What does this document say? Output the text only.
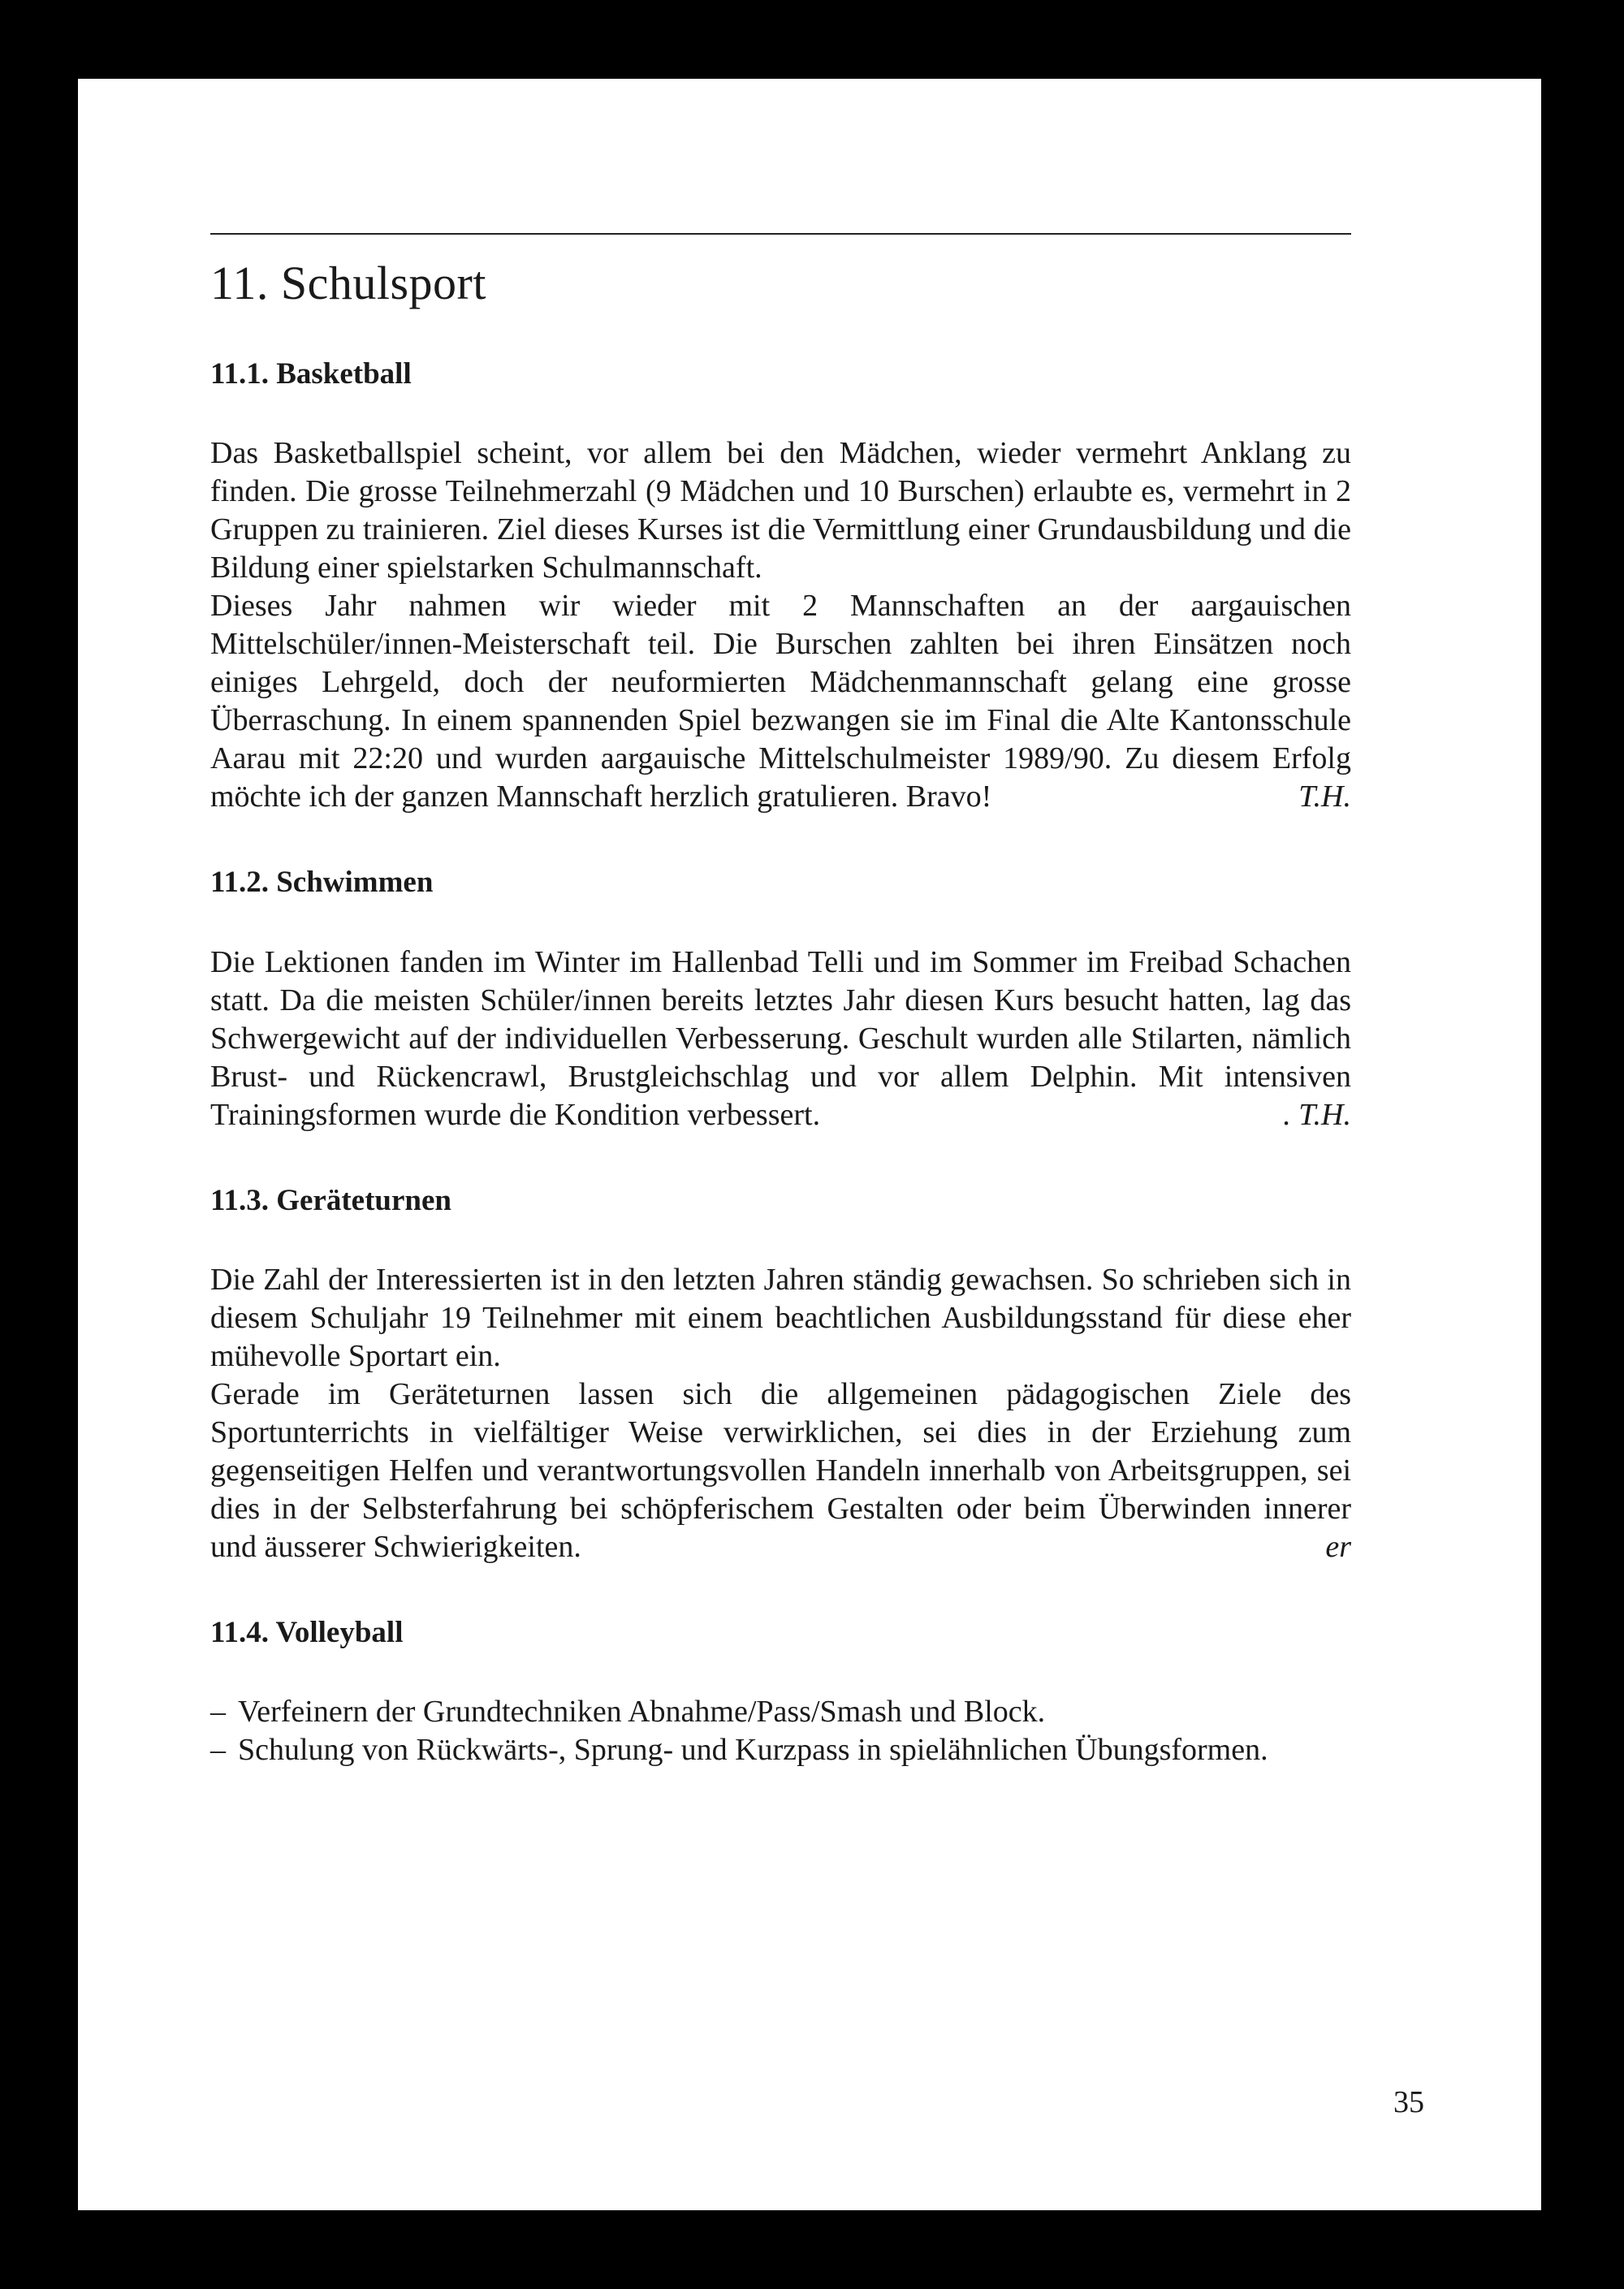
11. Schulsport
11.1. Basketball

Das Basketballspiel scheint, vor allem bei den Mädchen, wieder vermehrt Anklang zu finden. Die grosse Teilnehmerzahl (9 Mädchen und 10 Burschen) erlaubte es, vermehrt in 2 Gruppen zu trainieren. Ziel dieses Kurses ist die Vermittlung einer Grundausbildung und die Bildung einer spielstarken Schulmannschaft.

Dieses Jahr nahmen wir wieder mit 2 Mannschaften an der aargauischen Mittelschüler/innen-Meisterschaft teil. Die Burschen zahlten bei ihren Einsätzen noch einiges Lehrgeld, doch der neuformierten Mädchenmannschaft gelang eine grosse Überraschung. In einem spannenden Spiel bezwangen sie im Final die Alte Kantonsschule Aarau mit 22:20 und wurden aargauische Mittelschulmeister 1989/90. Zu diesem Erfolg möchte ich der ganzen Mannschaft herzlich gratulieren. Bravo!	T.H.

11.2. Schwimmen

Die Lektionen fanden im Winter im Hallenbad Telli und im Sommer im Freibad Schachen statt. Da die meisten Schüler/innen bereits letztes Jahr diesen Kurs besucht hatten, lag das Schwergewicht auf der individuellen Verbesserung. Geschult wurden alle Stilarten, nämlich Brust- und Rückencrawl, Brustgleichschlag und vor allem Delphin. Mit intensiven Trainingsformen wurde die Kondition verbessert.	. T.H.

11.3. Geräteturnen

Die Zahl der Interessierten ist in den letzten Jahren ständig gewachsen. So schrieben sich in diesem Schuljahr 19 Teilnehmer mit einem beachtlichen Ausbildungsstand für diese eher mühevolle Sportart ein.

Gerade im Geräteturnen lassen sich die allgemeinen pädagogischen Ziele des Sportunterrichts in vielfältiger Weise verwirklichen, sei dies in der Erziehung zum gegenseitigen Helfen und verantwortungsvollen Handeln innerhalb von Arbeitsgruppen, sei dies in der Selbsterfahrung bei schöpferischem Gestalten oder beim Überwinden innerer und äusserer Schwierigkeiten.	er

11.4. Volleyball
– Verfeinern der Grundtechniken Abnahme/Pass/Smash und Block.
– Schulung von Rückwärts-, Sprung- und Kurzpass in spielähnlichen Übungsformen.
35
